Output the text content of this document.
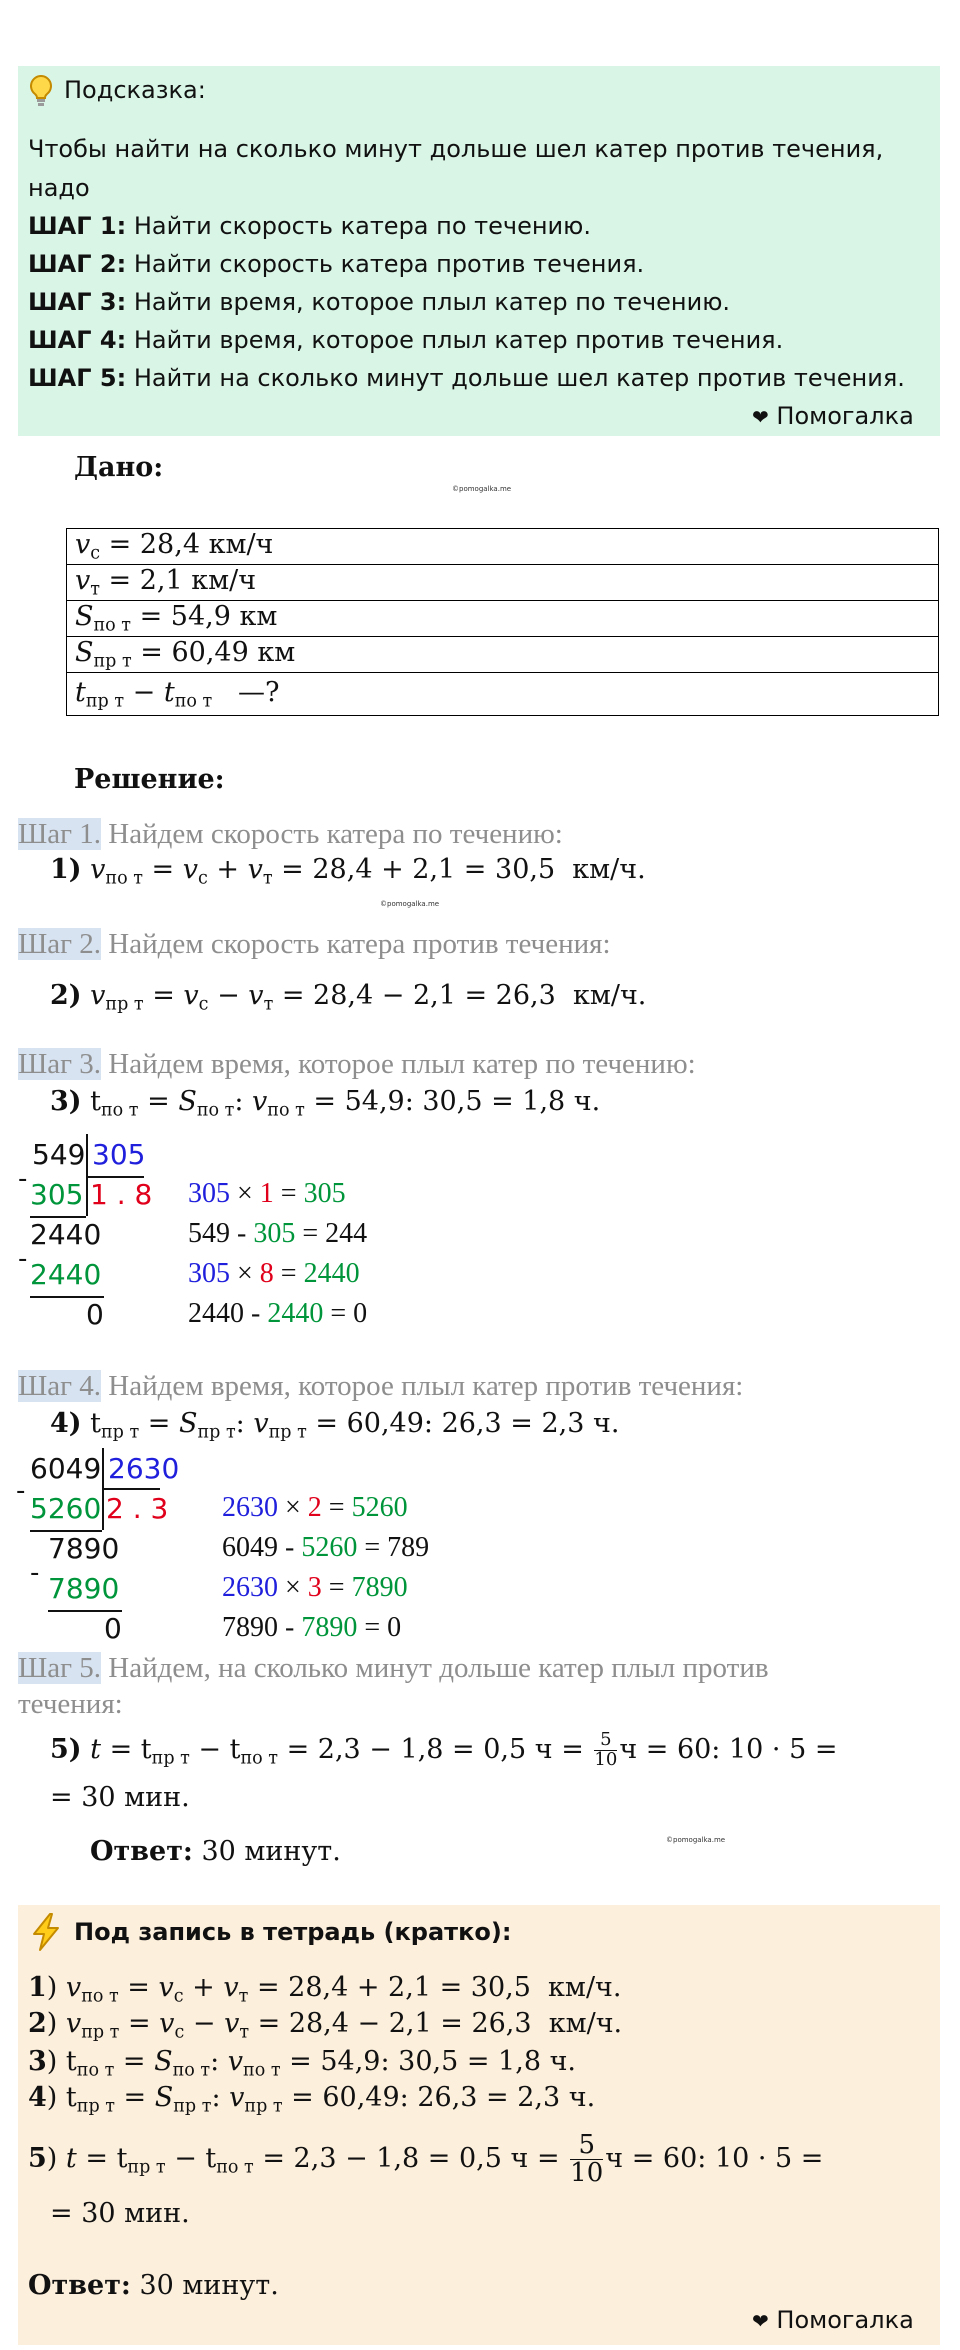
Подсказка:
Чтобы найти на сколько минут дольше шел катер против течения,
надо
ШАГ 1: Найти скорость катера по течению.
ШАГ 2: Найти скорость катера против течения.
ШАГ 3: Найти время, которое плыл катер по течению.
ШАГ 4: Найти время, которое плыл катер против течения.
ШАГ 5: Найти на сколько минут дольше шел катер против течения.
❤ Помогалка
Дано:
©pomogalka.me
$v_с = 28,4$ км/ч
$v_т = 2,1$ км/ч
$S_{по т} = 54,9$ км
$S_{пр т} = 60,49$ км
$t_{пр т} - t_{по т}$ —?
Решение:
Шаг 1. Найдем скорость катера по течению:
1) $v_{по т} = v_с + v_т = 28,4 + 2,1 = 30,5$  км/ч.
©pomogalka.me
Шаг 2. Найдем скорость катера против течения:
2) $v_{пр т} = v_с - v_т = 28,4 - 2,1 = 26,3$  км/ч.
Шаг 3. Найдем время, которое плыл катер по течению:
3) $t_{по т} = S_{по т}$: $v_{по т} = 54,9$: 30,5 = 1,8 ч.
549 305
- 305 1 . 8
2440
- 2440
0
305 × 1 = 305
549 - 305 = 244
305 × 8 = 2440
2440 - 2440 = 0
Шаг 4. Найдем время, которое плыл катер против течения:
4) $t_{пр т} = S_{пр т}$: $v_{пр т} = 60,49$: 26,3 = 2,3 ч.
6049 2630
-
5260 2 . 3
7890
- 7890
0
2630 × 2 = 5260
6049 - 5260 = 789
2630 × 3 = 7890
7890 - 7890 = 0
Шаг 5. Найдем, на сколько минут дольше катер плыл против
течения:
5) $t = t_{пр т} - t_{по т} = 2,3 - 1,8 = 0,5$ $ч = \frac{5}{10}$ ч = 60: 10 · 5 =
= 30 мин.
Ответ: 30 минут.	©pomogalka.me
Под запись в тетрадь (кратко):
1) $v_{по т} = v_с + v_т = 28,4 + 2,1 = 30,5$  км/ч.
2) $v_{пр т} = v_с - v_т = 28,4 - 2,1 = 26,3$  км/ч.
3) $t_{по т} = S_{по т}$: $v_{по т} = 54,9$: 30,5 = 1,8 ч.
4) $t_{пр т} = S_{пр т}$: $v_{пр т} = 60,49$: 26,3 = 2,3 ч.
5) $t = t_{пр т} - t_{по т} = 2,3 - 1,8 = 0,5$ $ч = \frac{5}{10}$ ч = 60: 10 · 5 =
= 30 мин.
Ответ: 30 минут.
❤ Помогалка
